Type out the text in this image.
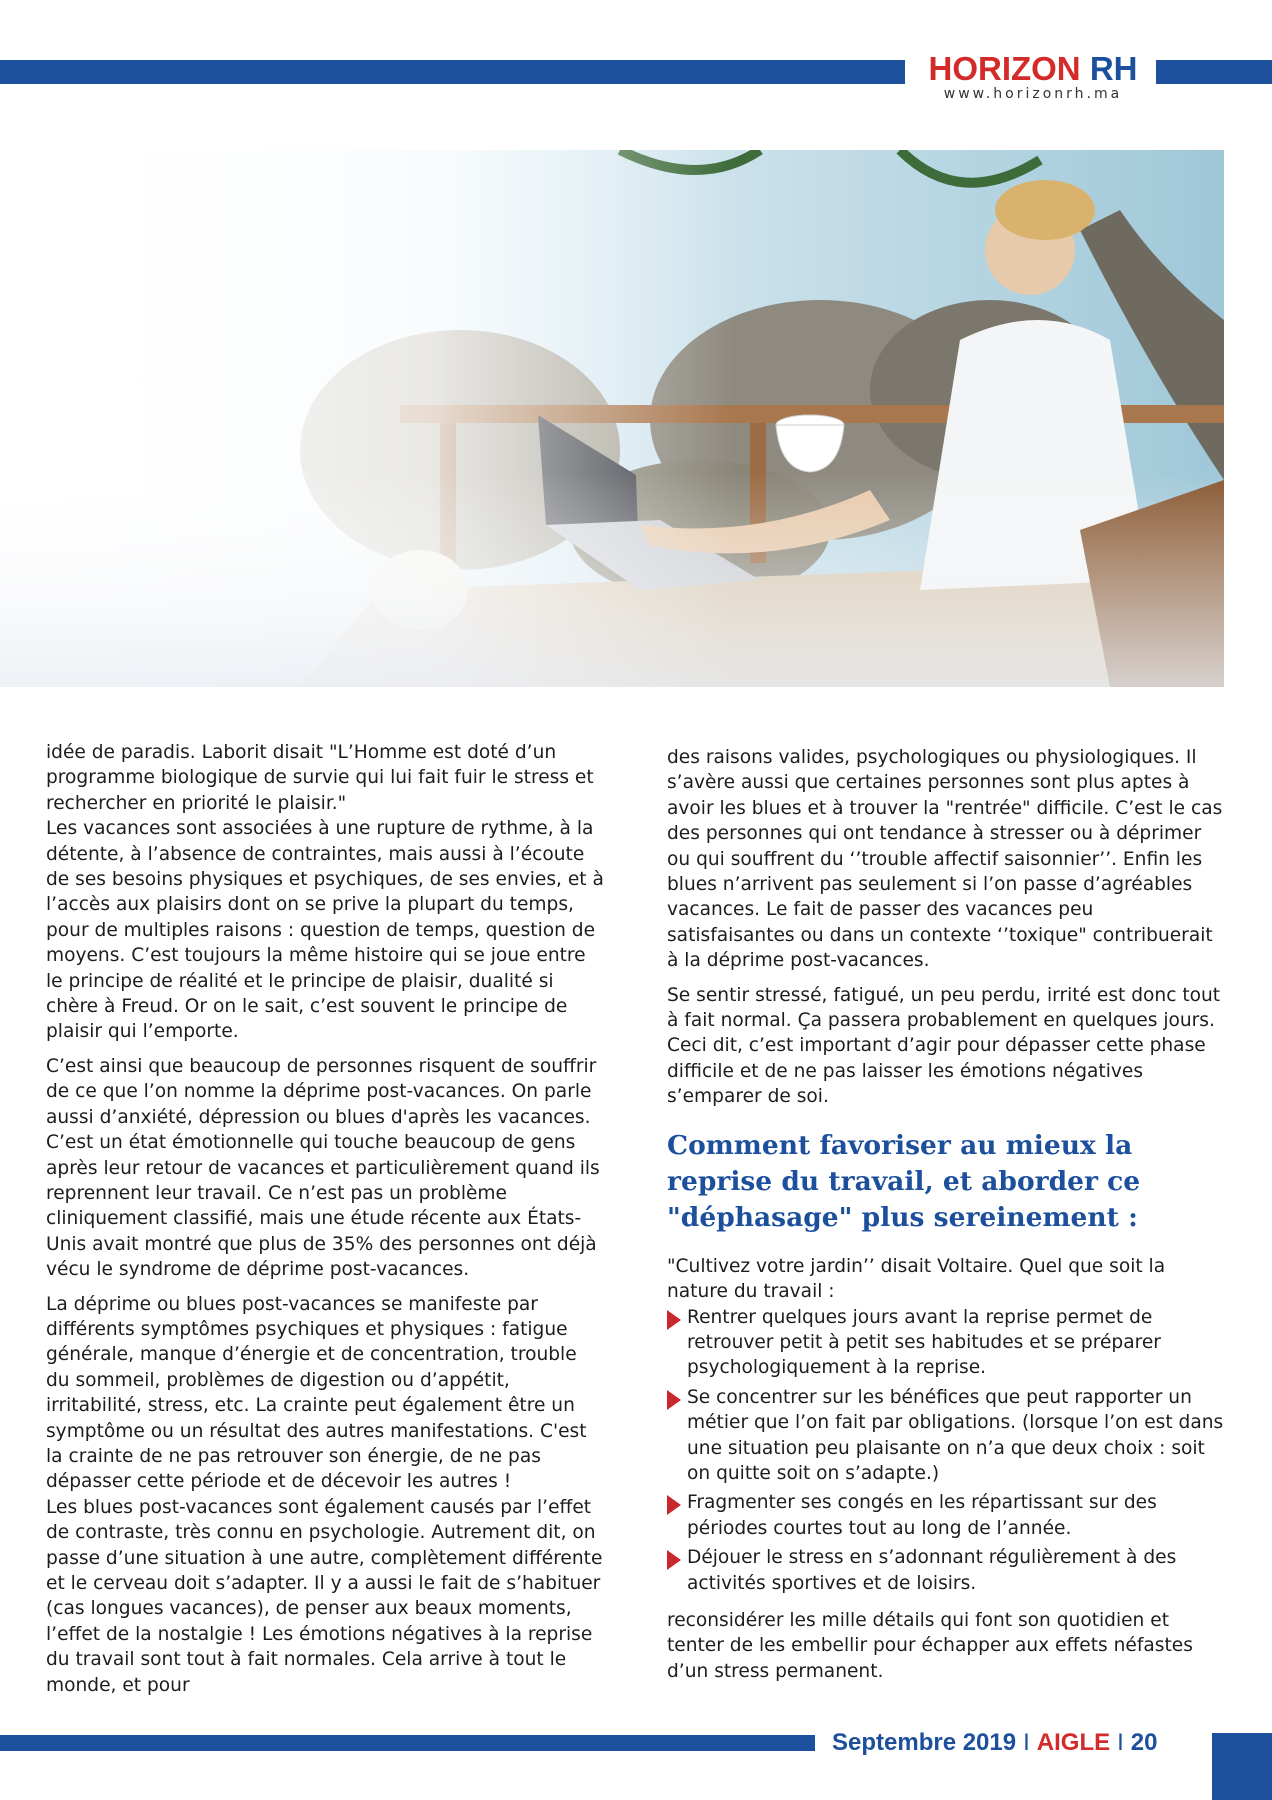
HORIZON RH
www.horizonrh.ma

idée de paradis. Laborit disait "L’Homme est doté d’un programme biologique de survie qui lui fait fuir le stress et rechercher en priorité le plaisir."

Les vacances sont associées à une rupture de rythme, à la détente, à l’absence de contraintes, mais aussi à l’écoute de ses besoins physiques et psychiques, de ses envies, et à l’accès aux plaisirs dont on se prive la plupart du temps, pour de multiples raisons : question de temps, question de moyens. C’est toujours la même histoire qui se joue entre le principe de réalité et le principe de plaisir, dualité si chère à Freud. Or on le sait, c’est souvent le principe de plaisir qui l’emporte.

C’est ainsi que beaucoup de personnes risquent de souffrir de ce que l’on nomme la déprime post-vacances. On parle aussi d’anxiété, dépression ou blues d'après les vacances. C’est un état émotionnelle qui touche beaucoup de gens après leur retour de vacances et particulièrement quand ils reprennent leur travail. Ce n’est pas un problème cliniquement classifié, mais une étude récente aux États-Unis avait montré que plus de 35% des personnes ont déjà vécu le syndrome de déprime post-vacances.

La déprime ou blues post-vacances se manifeste par différents symptômes psychiques et physiques : fatigue générale, manque d’énergie et de concentration, trouble du sommeil, problèmes de digestion ou d’appétit, irritabilité, stress, etc. La crainte peut également être un symptôme ou un résultat des autres manifestations. C'est la crainte de ne pas retrouver son énergie, de ne pas dépasser cette période et de décevoir les autres !

Les blues post-vacances sont également causés par l’effet de contraste, très connu en psychologie. Autrement dit, on passe d’une situation à une autre, complètement différente et le cerveau doit s’adapter. Il y a aussi le fait de s’habituer (cas longues vacances), de penser aux beaux moments, l’effet de la nostalgie ! Les émotions négatives à la reprise du travail sont tout à fait normales. Cela arrive à tout le monde, et pour

des raisons valides, psychologiques ou physiologiques. Il s’avère aussi que certaines personnes sont plus aptes à avoir les blues et à trouver la "rentrée" difficile. C’est le cas des personnes qui ont tendance à stresser ou à déprimer ou qui souffrent du ‘’trouble affectif saisonnier’’. Enfin les blues n’arrivent pas seulement si l’on passe d’agréables vacances. Le fait de passer des vacances peu satisfaisantes ou dans un contexte ‘’toxique" contribuerait à la déprime post-vacances.

Se sentir stressé, fatigué, un peu perdu, irrité est donc tout à fait normal. Ça passera probablement en quelques jours. Ceci dit, c’est important d’agir pour dépasser cette phase difficile et de ne pas laisser les émotions négatives s’emparer de soi.

Comment favoriser au mieux la reprise du travail, et aborder ce "déphasage" plus sereinement :

"Cultivez votre jardin’’ disait Voltaire. Quel que soit la nature du travail :

Rentrer quelques jours avant la reprise permet de retrouver petit à petit ses habitudes et se préparer psychologiquement à la reprise.
Se concentrer sur les bénéfices que peut rapporter un métier que l’on fait par obligations. (lorsque l’on est dans une situation peu plaisante on n’a que deux choix : soit on quitte soit on s’adapte.)
Fragmenter ses congés en les répartissant sur des périodes courtes tout au long de l’année.
Déjouer le stress en s’adonnant régulièrement à des activités sportives et de loisirs.

reconsidérer les mille détails qui font son quotidien et tenter de les embellir pour échapper aux effets néfastes d’un stress permanent.

Septembre 2019 I AIGLE I 20
